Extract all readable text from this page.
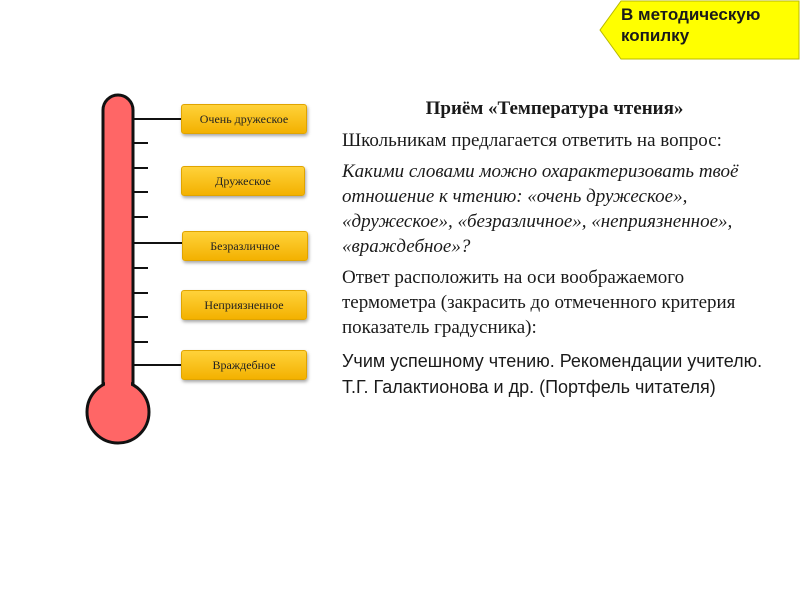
В методическую копилку
Очень дружеское
Дружеское
Безразличное
Неприязненное
Враждебное

Приём «Температура чтения»

Школьникам предлагается ответить на вопрос:

Какими словами можно охарактеризовать твоё отношение к чтению: «очень дружеское», «дружеское», «безразличное», «неприязненное», «враждебное»?

Ответ расположить на оси воображаемого термометра (закрасить до отмеченного критерия показатель градусника):

Учим успешному чтению. Рекомендации учителю. Т.Г. Галактионова и др. (Портфель читателя)
